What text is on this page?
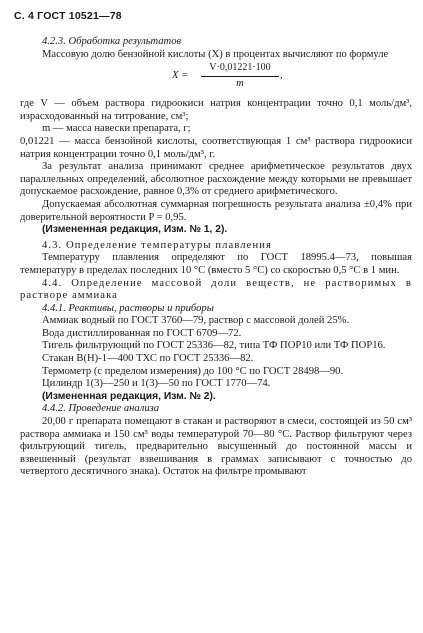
С. 4 ГОСТ 10521—78

4.2.3. Обработка результатов

Массовую долю бензойной кислоты (X) в процентах вычисляют по формуле

$X = \frac{V\cdot 0,01221\cdot 100}{m}$ ,

где V — объем раствора гидроокиси натрия концентрации точно 0,1 моль/дм³, израсходованный на титрование, см³;

m — масса навески препарата, г;

0,01221 — масса бензойной кислоты, соответствующая 1 см³ раствора гидроокиси натрия концентрации точно 0,1 моль/дм³, г.

За результат анализа принимают среднее арифметическое результатов двух параллельных определений, абсолютное расхождение между которыми не превышает допускаемое расхождение, равное 0,3% от среднего арифметического.

Допускаемая абсолютная суммарная погрешность результата анализа ±0,4% при доверительной вероятности P = 0,95.

(Измененная редакция, Изм. № 1, 2).

4.3. Определение температуры плавления

Температуру плавления определяют по ГОСТ 18995.4—73, повышая температуру в пределах последних 10 °С (вместо 5 °С) со скоростью 0,5 °С в 1 мин.

4.4. Определение массовой доли веществ, не растворимых в растворе аммиака

4.4.1. Реактивы, растворы и приборы

Аммиак водный по ГОСТ 3760—79, раствор с массовой долей 25%.

Вода дистиллированная по ГОСТ 6709—72.

Тигель фильтрующий по ГОСТ 25336—82, типа ТФ ПОР10 или ТФ ПОР16.

Стакан В(Н)-1—400 ТХС по ГОСТ 25336—82.

Термометр (с пределом измерения) до 100 °С по ГОСТ 28498—90.

Цилиндр 1(3)—250 и 1(3)—50 по ГОСТ 1770—74.

(Измененная редакция, Изм. № 2).

4.4.2. Проведение анализа

20,00 г препарата помещают в стакан и растворяют в смеси, состоящей из 50 см³ раствора аммиака и 150 см³ воды температурой 70—80 °С. Раствор фильтруют через фильтрующий тигель, предварительно высушенный до постоянной массы и взвешенный (результат взвешивания в граммах записывают с точностью до четвертого десятичного знака). Остаток на фильтре промывают
